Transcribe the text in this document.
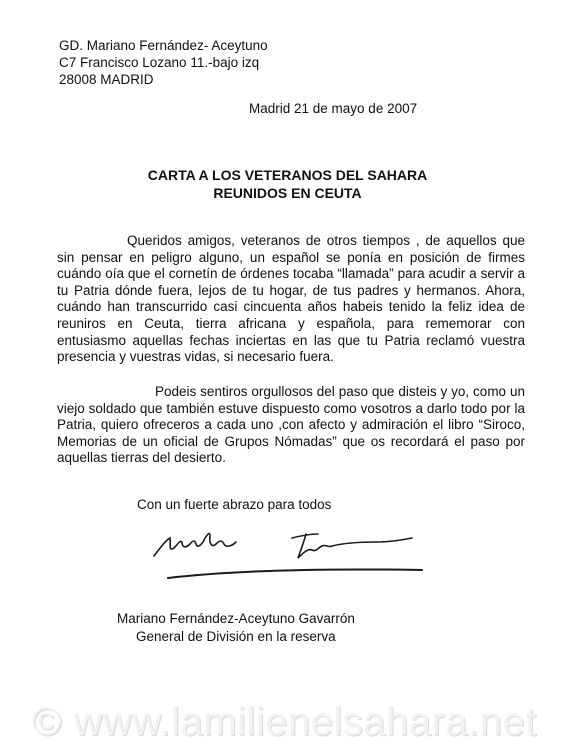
GD. Mariano Fernández- Aceytuno
C7 Francisco Lozano 11.-bajo izq
28008 MADRID
Madrid 21 de mayo de 2007
CARTA A LOS VETERANOS DEL SAHARA
REUNIDOS EN CEUTA
Queridos amigos, veteranos de otros tiempos , de aquellos que sin pensar en peligro alguno, un español se ponía en posición de firmes cuándo oía que el cornetín de órdenes tocaba “llamada” para acudir a servir a tu Patria dónde fuera, lejos de tu hogar, de tus padres y hermanos. Ahora, cuándo han transcurrido casi cincuenta años habeis tenido la feliz idea de reuniros en Ceuta, tierra africana y española, para rememorar con entusiasmo aquellas fechas inciertas en las que tu Patria reclamó vuestra presencia y vuestras vidas, si necesario fuera.
Podeis sentiros orgullosos del paso que disteis y yo, como un viejo soldado que también estuve dispuesto como vosotros a darlo todo por la Patria, quiero ofreceros a cada uno ,con afecto y admiración el libro “Siroco, Memorias de un oficial de Grupos Nómadas” que os recordará el paso por aquellas tierras del desierto.
Con un fuerte abrazo para todos
Mariano Fernández-Aceytuno Gavarrón
General de División en la reserva
© www.lamilienelsahara.net
